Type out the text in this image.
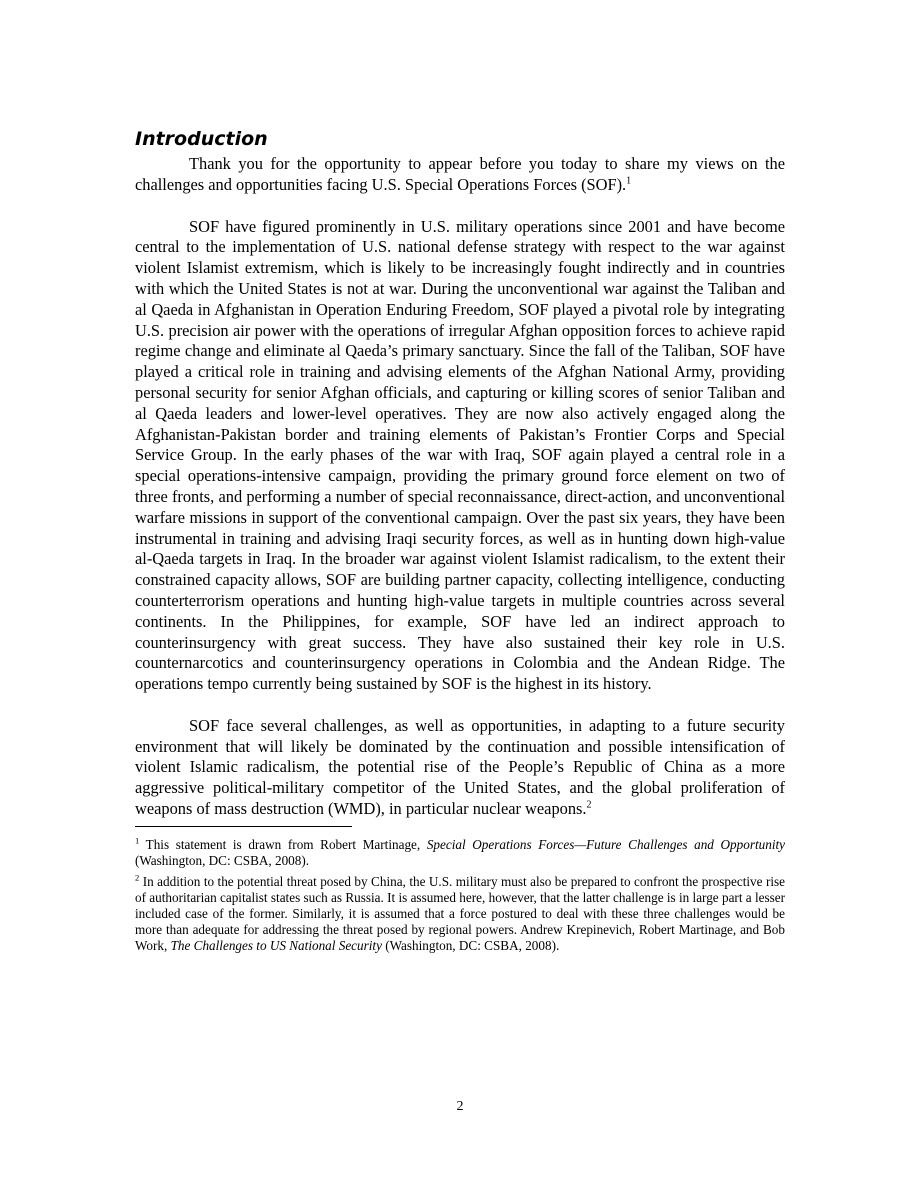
Introduction

Thank you for the opportunity to appear before you today to share my views on the challenges and opportunities facing U.S. Special Operations Forces (SOF).$^1$

SOF have figured prominently in U.S. military operations since 2001 and have become central to the implementation of U.S. national defense strategy with respect to the war against violent Islamist extremism, which is likely to be increasingly fought indirectly and in countries with which the United States is not at war. During the unconventional war against the Taliban and al Qaeda in Afghanistan in Operation Enduring Freedom, SOF played a pivotal role by integrating U.S. precision air power with the operations of irregular Afghan opposition forces to achieve rapid regime change and eliminate al Qaeda’s primary sanctuary. Since the fall of the Taliban, SOF have played a critical role in training and advising elements of the Afghan National Army, providing personal security for senior Afghan officials, and capturing or killing scores of senior Taliban and al Qaeda leaders and lower-level operatives. They are now also actively engaged along the Afghanistan-Pakistan border and training elements of Pakistan’s Frontier Corps and Special Service Group. In the early phases of the war with Iraq, SOF again played a central role in a special operations-intensive campaign, providing the primary ground force element on two of three fronts, and performing a number of special reconnaissance, direct-action, and unconventional warfare missions in support of the conventional campaign. Over the past six years, they have been instrumental in training and advising Iraqi security forces, as well as in hunting down high-value al-Qaeda targets in Iraq. In the broader war against violent Islamist radicalism, to the extent their constrained capacity allows, SOF are building partner capacity, collecting intelligence, conducting counterterrorism operations and hunting high-value targets in multiple countries across several continents. In the Philippines, for example, SOF have led an indirect approach to counterinsurgency with great success. They have also sustained their key role in U.S. counternarcotics and counterinsurgency operations in Colombia and the Andean Ridge. The operations tempo currently being sustained by SOF is the highest in its history.

SOF face several challenges, as well as opportunities, in adapting to a future security environment that will likely be dominated by the continuation and possible intensification of violent Islamic radicalism, the potential rise of the People’s Republic of China as a more aggressive political-military competitor of the United States, and the global proliferation of weapons of mass destruction (WMD), in particular nuclear weapons.$^2$

$^1$ This statement is drawn from Robert Martinage, Special Operations Forces—Future Challenges and Opportunity (Washington, DC: CSBA, 2008).

$^2$ In addition to the potential threat posed by China, the U.S. military must also be prepared to confront the prospective rise of authoritarian capitalist states such as Russia. It is assumed here, however, that the latter challenge is in large part a lesser included case of the former. Similarly, it is assumed that a force postured to deal with these three challenges would be more than adequate for addressing the threat posed by regional powers. Andrew Krepinevich, Robert Martinage, and Bob Work, The Challenges to US National Security (Washington, DC: CSBA, 2008).

2
